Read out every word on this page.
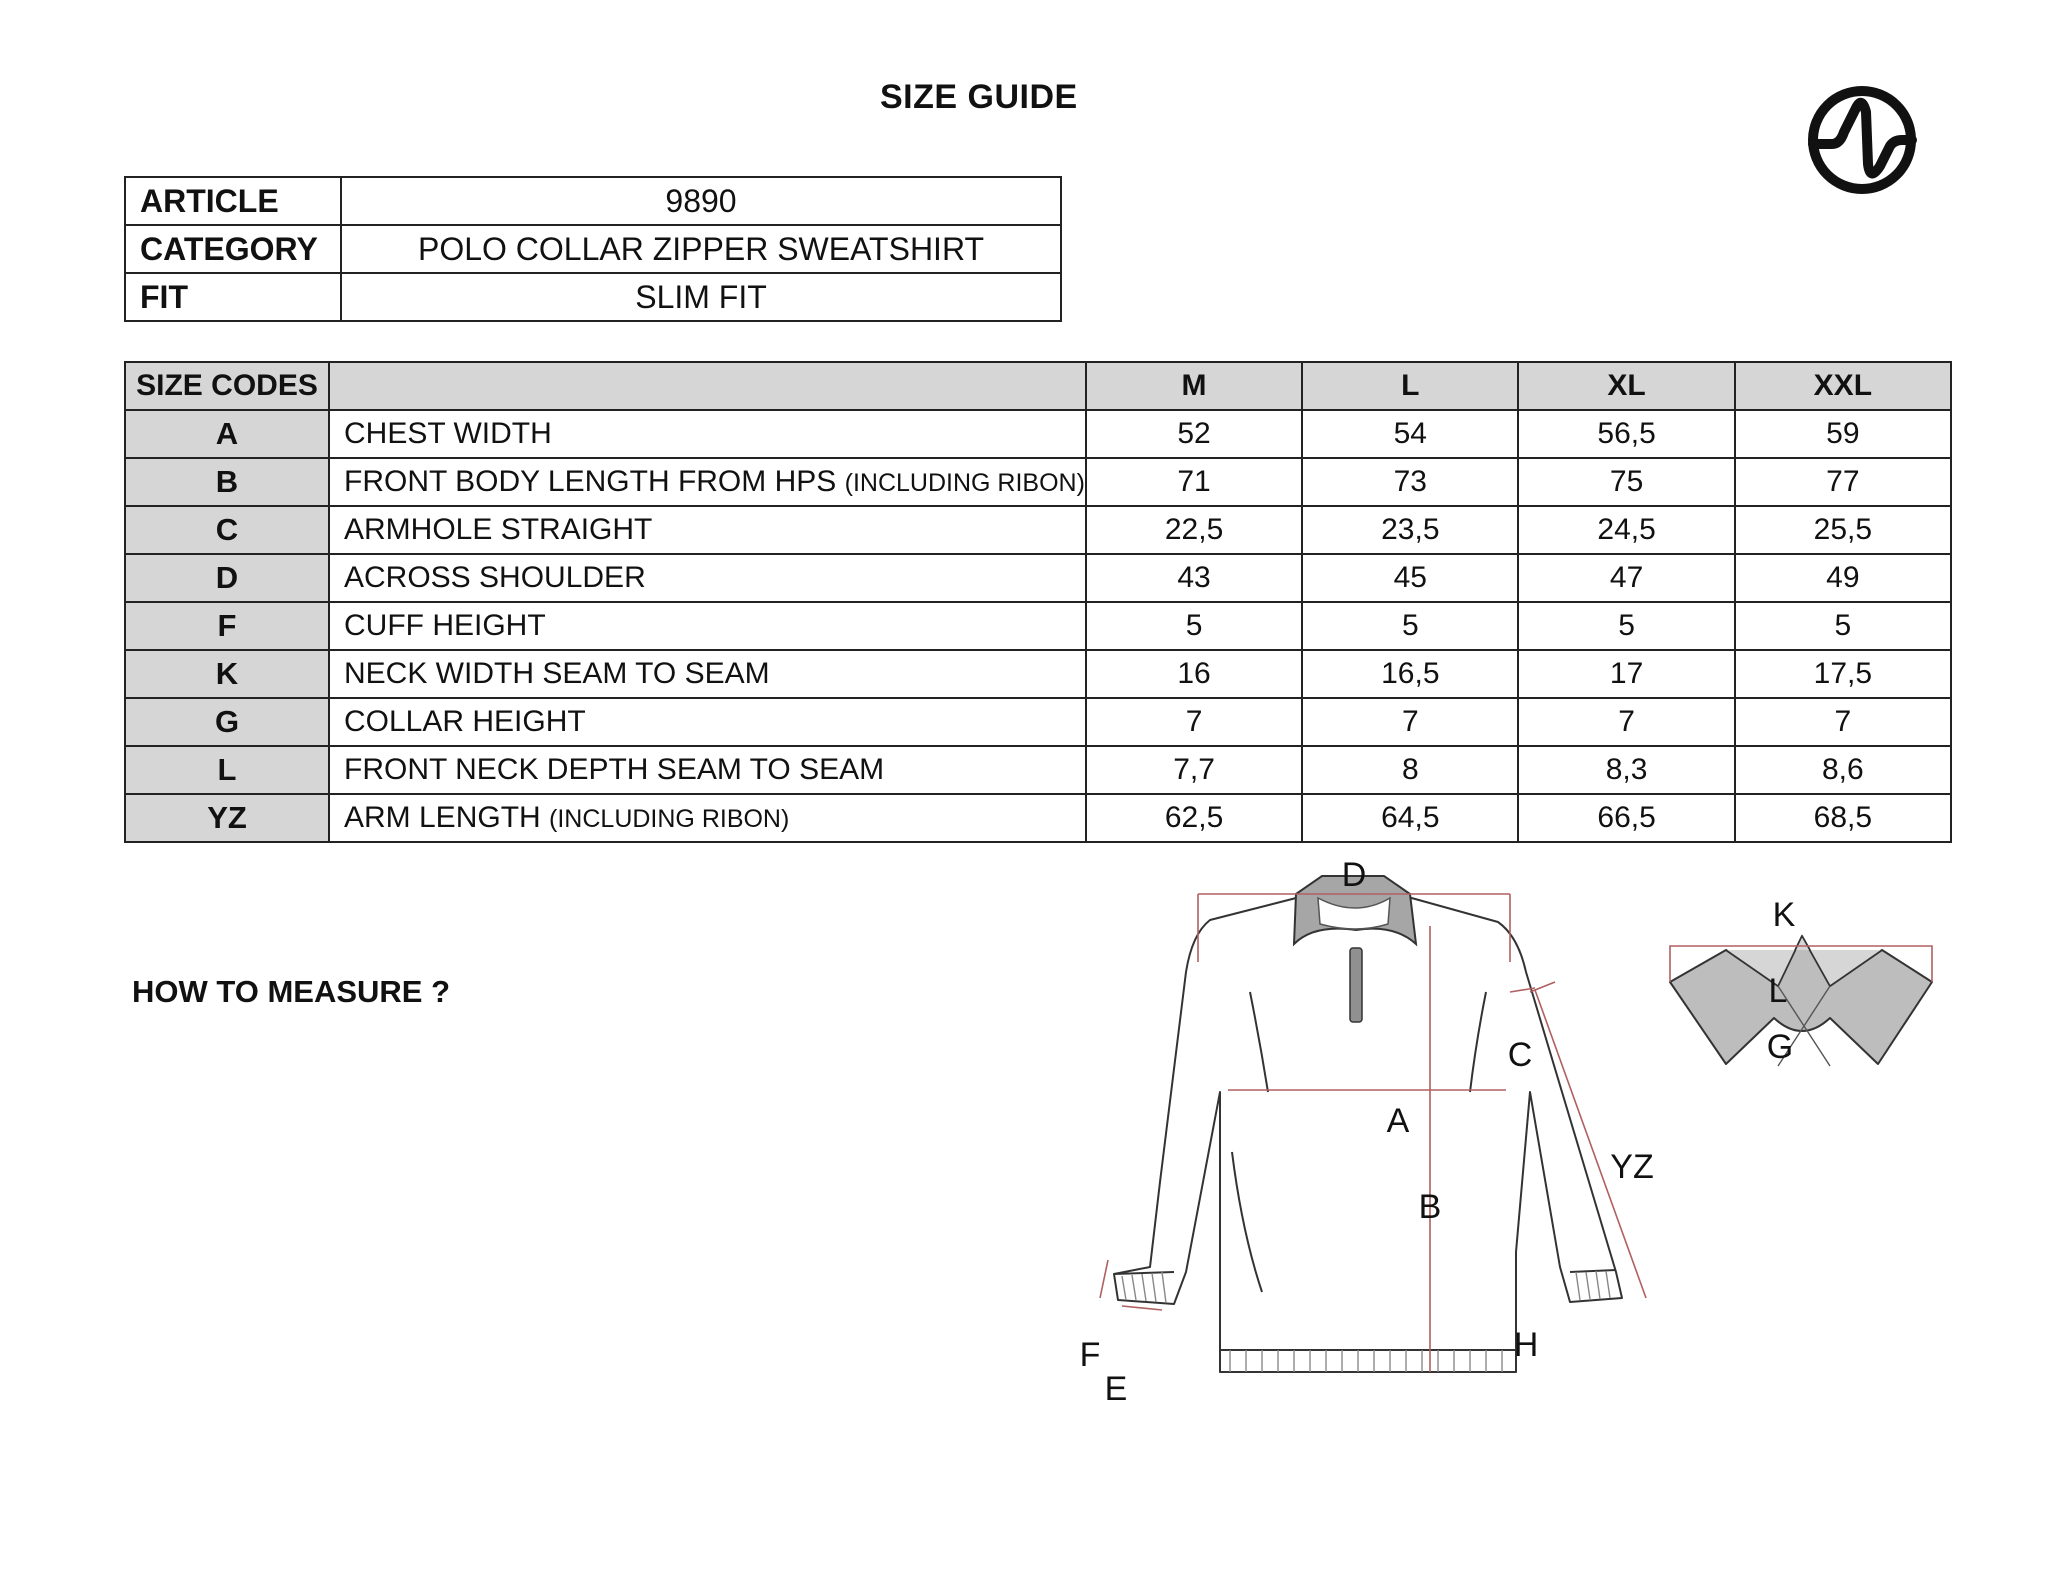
SIZE GUIDE
ARTICLE	9890
CATEGORY	POLO COLLAR ZIPPER SWEATSHIRT
FIT	SLIM FIT
SIZE CODES		M	L	XL	XXL
A	CHEST WIDTH	52	54	56,5	59
B	FRONT BODY LENGTH FROM HPS (INCLUDING RIBON)	71	73	75	77
C	ARMHOLE STRAIGHT	22,5	23,5	24,5	25,5
D	ACROSS SHOULDER	43	45	47	49
F	CUFF HEIGHT	5	5	5	5
K	NECK WIDTH SEAM TO SEAM	16	16,5	17	17,5
G	COLLAR HEIGHT	7	7	7	7
L	FRONT NECK DEPTH SEAM TO SEAM	7,7	8	8,3	8,6
YZ	ARM LENGTH (INCLUDING RIBON)	62,5	64,5	66,5	68,5
HOW TO MEASURE ?
D
A
B
C
YZ
H
F
E
K
L
G
